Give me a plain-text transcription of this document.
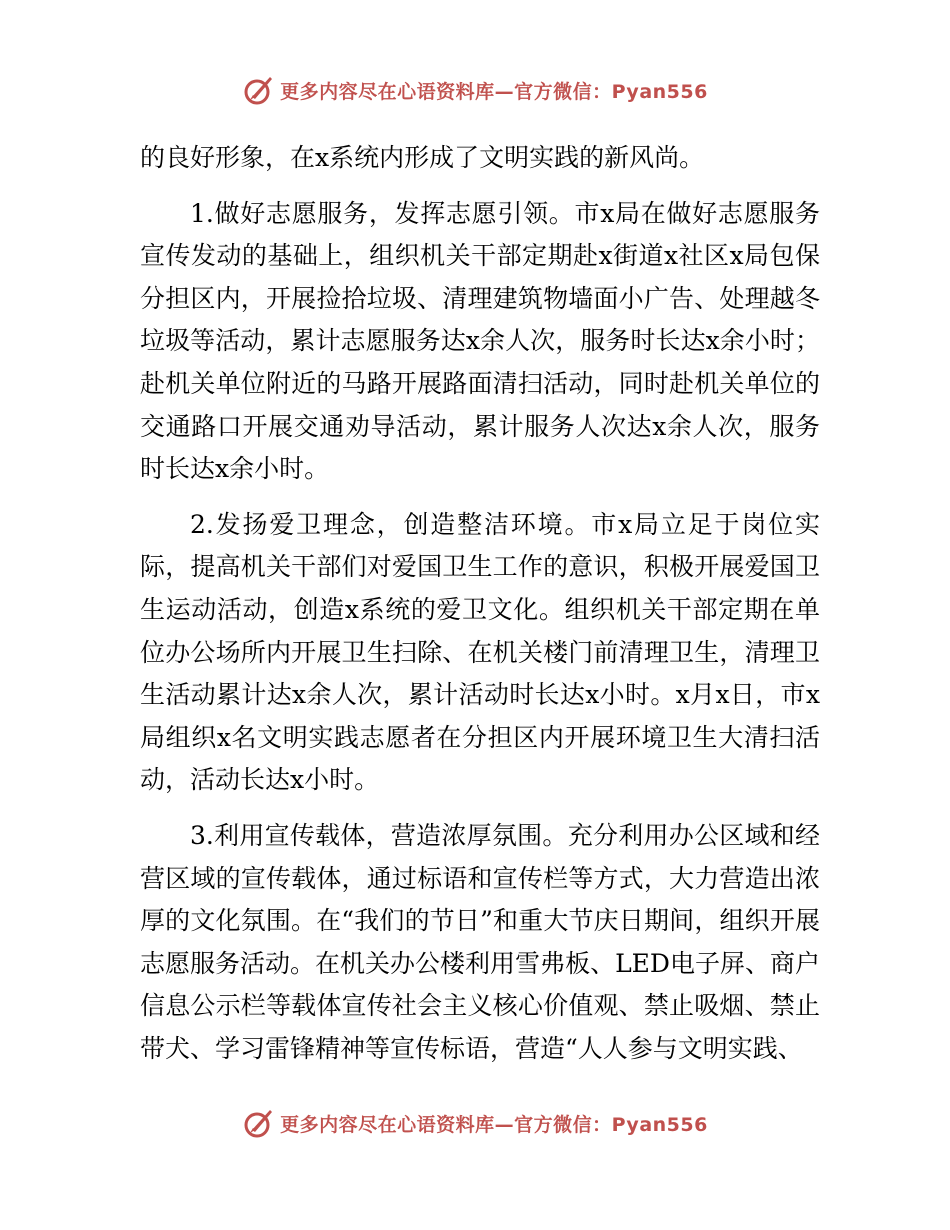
更多内容尽在心语资料库—官方微信：Pyan556

的良好形象，在x系统内形成了文明实践的新风尚。

1.做好志愿服务，发挥志愿引领。市x局在做好志愿服务宣传发动的基础上，组织机关干部定期赴x街道x社区x局包保分担区内，开展捡拾垃圾、清理建筑物墙面小广告、处理越冬垃圾等活动，累计志愿服务达x余人次，服务时长达x余小时；赴机关单位附近的马路开展路面清扫活动，同时赴机关单位的交通路口开展交通劝导活动，累计服务人次达x余人次，服务时长达x余小时。

2.发扬爱卫理念，创造整洁环境。市x局立足于岗位实际，提高机关干部们对爱国卫生工作的意识，积极开展爱国卫生运动活动，创造x系统的爱卫文化。组织机关干部定期在单位办公场所内开展卫生扫除、在机关楼门前清理卫生，清理卫生活动累计达x余人次，累计活动时长达x小时。x月x日，市x局组织x名文明实践志愿者在分担区内开展环境卫生大清扫活动，活动长达x小时。

3.利用宣传载体，营造浓厚氛围。充分利用办公区域和经营区域的宣传载体，通过标语和宣传栏等方式，大力营造出浓厚的文化氛围。在“我们的节日”和重大节庆日期间，组织开展志愿服务活动。在机关办公楼利用雪弗板、LED电子屏、商户信息公示栏等载体宣传社会主义核心价值观、禁止吸烟、禁止带犬、学习雷锋精神等宣传标语，营造“人人参与文明实践、

更多内容尽在心语资料库—官方微信：Pyan556
